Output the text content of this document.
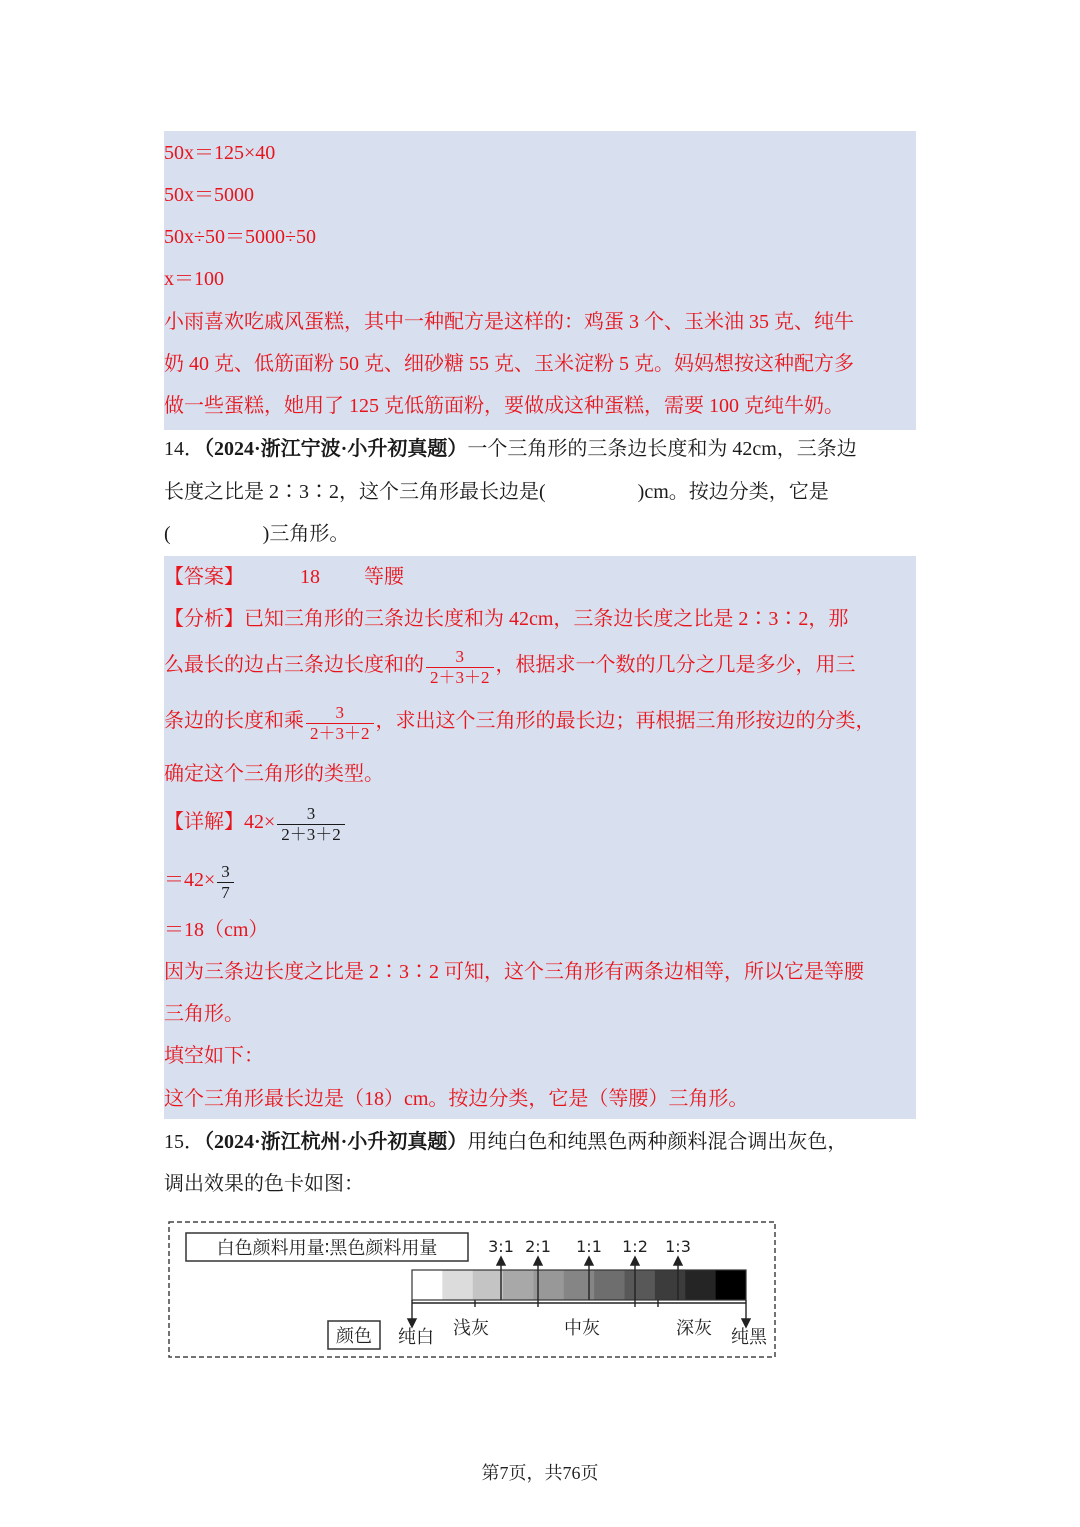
50x＝125×40
50x＝5000
50x÷50＝5000÷50
x＝100
小雨喜欢吃戚风蛋糕，其中一种配方是这样的：鸡蛋 3 个、玉米油 35 克、纯牛
奶 40 克、低筋面粉 50 克、细砂糖 55 克、玉米淀粉 5 克。妈妈想按这种配方多
做一些蛋糕，她用了 125 克低筋面粉，要做成这种蛋糕，需要 100 克纯牛奶。
14．（2024·浙江宁波·小升初真题）一个三角形的三条边长度和为 42cm，三条边
长度之比是 2∶3∶2，这个三角形最长边是(	)cm。按边分类，它是
(	)三角形。
【答案】	18 等腰
【分析】已知三角形的三条边长度和为 42cm，三条边长度之比是 2∶3∶2，那
么最长的边占三条边长度和的 $\frac{3}{2+3+2}$ ，根据求一个数的几分之几是多少，用三
条边的长度和乘 $\frac{3}{2+3+2}$ ，求出这个三角形的最长边；再根据三角形按边的分类，
确定这个三角形的类型。
【详解】$42\times \frac{3}{2+3+2}$
$=42\times \frac{3}{7}$
＝18（cm）
因为三条边长度之比是 2∶3∶2 可知，这个三角形有两条边相等，所以它是等腰
三角形。
填空如下：
这个三角形最长边是（18）cm。按边分类，它是（等腰）三角形。
15．（2024·浙江杭州·小升初真题）用纯白色和纯黑色两种颜料混合调出灰色，
调出效果的色卡如图：
白色颜料用量∶黑色颜料用量	3:1 2:1 1:1 1:2 1:3
颜色 纯白 浅灰	中灰	深灰 纯黑
第7页，共76页
